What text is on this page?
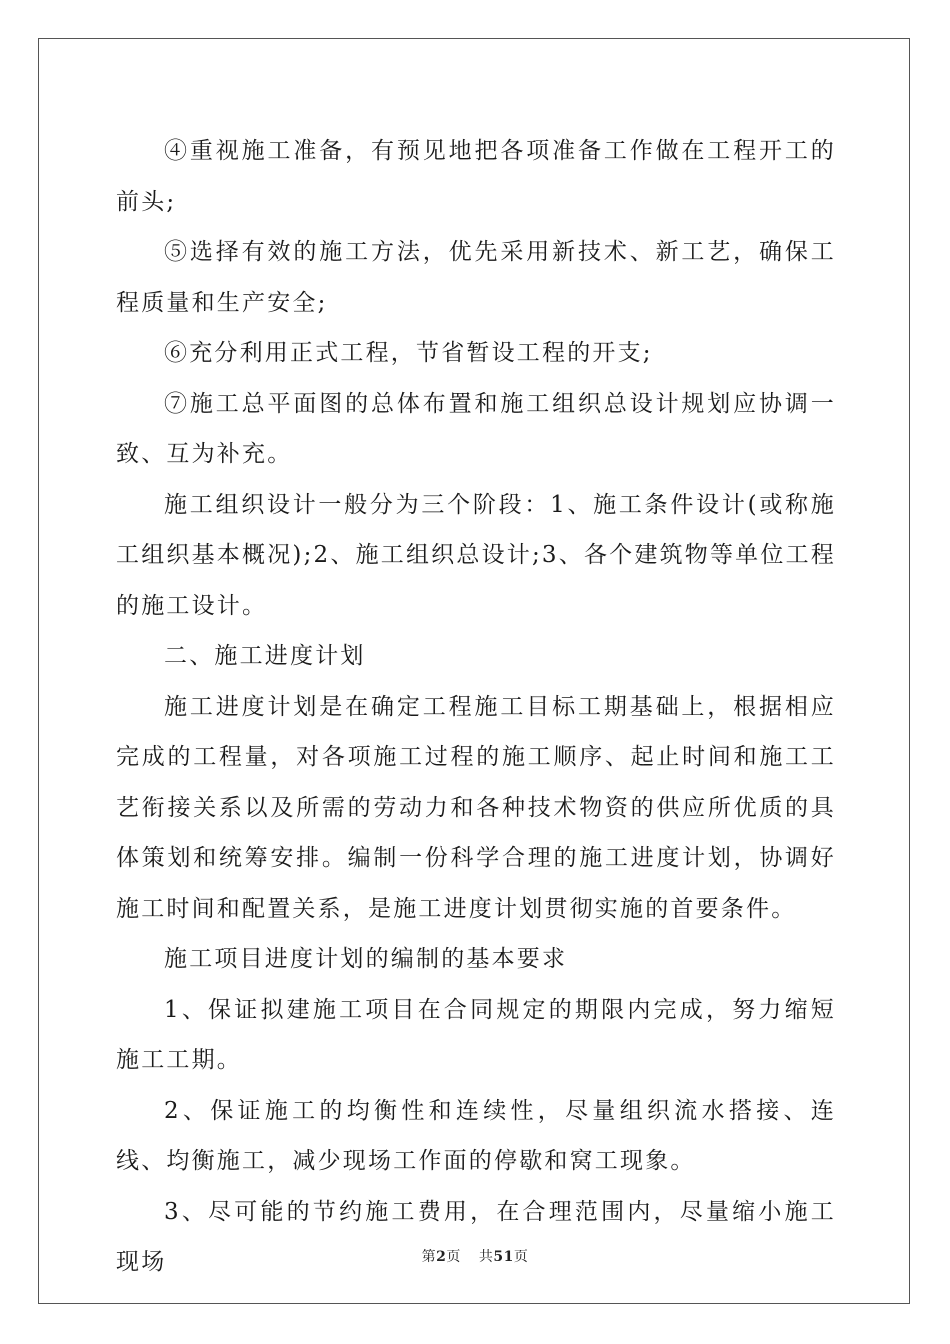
④重视施工准备，有预见地把各项准备工作做在工程开工的前头;

⑤选择有效的施工方法，优先采用新技术、新工艺，确保工程质量和生产安全;

⑥充分利用正式工程，节省暂设工程的开支;

⑦施工总平面图的总体布置和施工组织总设计规划应协调一致、互为补充。

施工组织设计一般分为三个阶段：1、施工条件设计(或称施工组织基本概况);2、施工组织总设计;3、各个建筑物等单位工程的施工设计。

二、施工进度计划

施工进度计划是在确定工程施工目标工期基础上，根据相应完成的工程量，对各项施工过程的施工顺序、起止时间和施工工艺衔接关系以及所需的劳动力和各种技术物资的供应所优质的具体策划和统筹安排。编制一份科学合理的施工进度计划，协调好施工时间和配置关系，是施工进度计划贯彻实施的首要条件。

施工项目进度计划的编制的基本要求

1、保证拟建施工项目在合同规定的期限内完成，努力缩短施工工期。

2、保证施工的均衡性和连续性，尽量组织流水搭接、连线、均衡施工，减少现场工作面的停歇和窝工现象。

3、尽可能的节约施工费用，在合理范围内，尽量缩小施工现场	第2页 共51页
